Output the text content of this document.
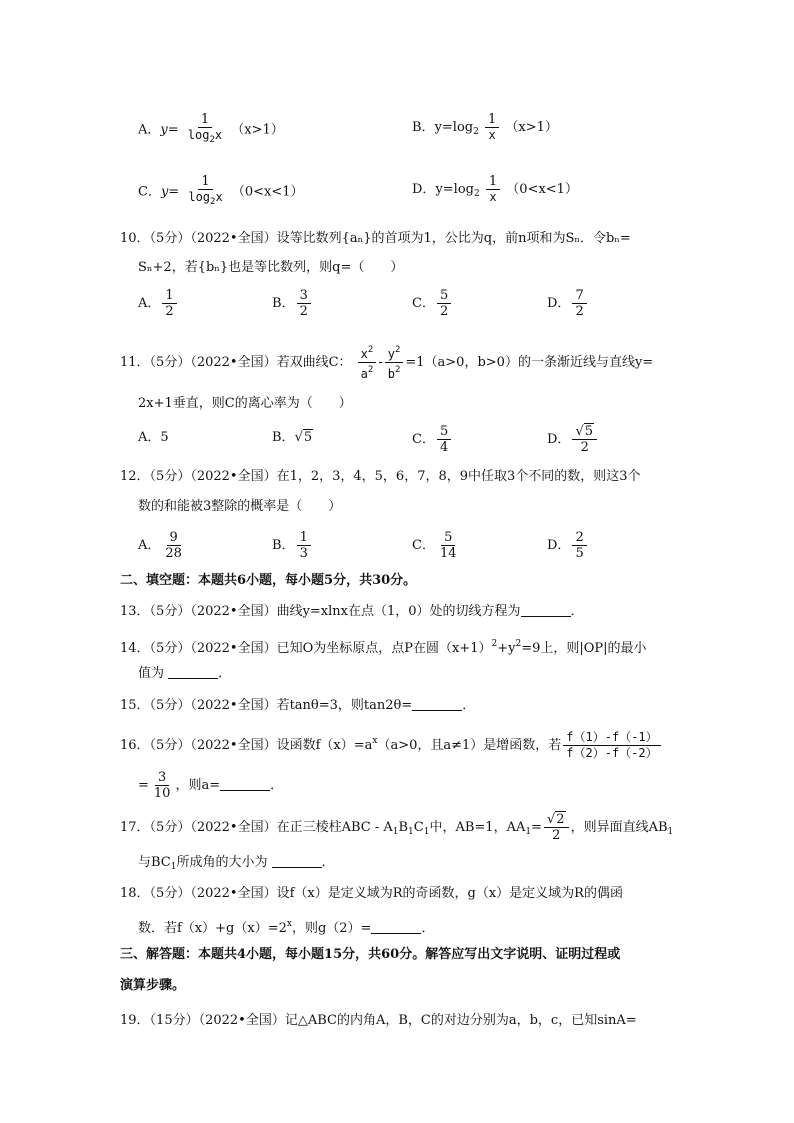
A．$y= \frac{1}{\log_2x} (x>1)$	B．$y=\log_2 \frac{1}{x} (x>1)$
C．$y= \frac{1}{\log_2x} (0<x<1)$	D．$y=\log_2 \frac{1}{x} (0<x<1)$
10．（5分）（2022•全国）设等比数列{aₙ}的首项为1，公比为q，前n项和为Sₙ．令bₙ=
Sₙ+2，若{bₙ}也是等比数列，则q=（　　）
A． $\frac{1}{2}$	B． $\frac{3}{2}$	C． $\frac{5}{2}$	D． $\frac{7}{2}$
11．（5分）（2022•全国）若双曲线C： $\frac{x^2}{a^2} - \frac{y^2}{b^2} =1(a>0$，b>0）的一条渐近线与直线y=
2x+1垂直，则C的离心率为（　　）
A．5	B．√5	C． $\frac{5}{4}$	D． $\frac{√5}{2}$
12．（5分）（2022•全国）在1，2，3，4，5，6，7，8，9中任取3个不同的数，则这3个
数的和能被3整除的概率是（　　）
A． $\frac{9}{28}$	B． $\frac{1}{3}$	C． $\frac{5}{14}$	D． $\frac{2}{5}$
二、填空题：本题共6小题，每小题5分，共30分。
13．（5分）（2022•全国）曲线y=xlnx在点（1，0）处的切线方程为	．
14．（5分）（2022•全国）已知O为坐标原点，点P在圆$(x+1)^2+y^2=9$上，则|OP|的最小
值为	．
15．（5分）（2022•全国）若tanθ=3，则tan2θ=	．
16．（5分）（2022•全国）设函数$f(x)=a^x(a>0$，且a≠1）是增函数，若 $\frac{f(1)-f(-1)}{f(2)-f(-2)}$
= $\frac{3}{10}$ ，则a=	．
17．（5分）（2022•全国）在正三棱柱ABC - $A_1B_1C_1$中，AB=1，$AA_1= \frac{√2}{2}$ ，则异面直线$AB_1$
与$BC_1$所成角的大小为	．
18．（5分）（2022•全国）设f（x）是定义域为R的奇函数，g（x）是定义域为R的偶函
数．若$f(x)+g(x)=2^x$，则g（2）=	．
三、解答题：本题共4小题，每小题15分，共60分。解答应写出文字说明、证明过程或
演算步骤。
19．（15分）（2022•全国）记△ABC的内角A，B，C的对边分别为a，b，c，已知sinA=
